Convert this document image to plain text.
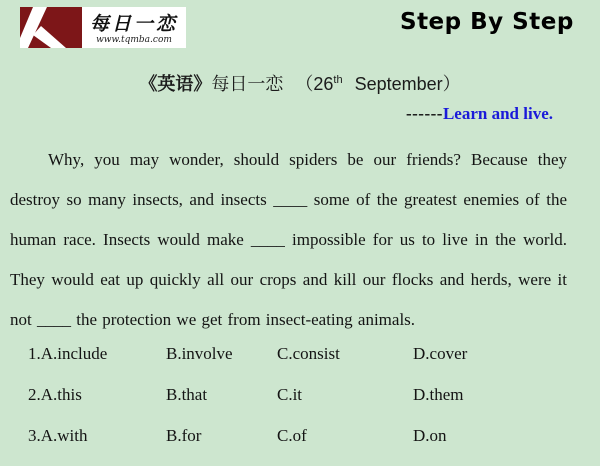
每日一恋
www.tqmba.com
Step By Step
《英语》每日一恋 （26th September）
------Learn and live.
Why, you may wonder, should spiders be our friends? Because they destroy so many insects, and insects ____ some of the greatest enemies of the human race. Insects would make ____ impossible for us to live in the world. They would eat up quickly all our crops and kill our flocks and herds, were it not ____ the protection we get from insect-eating animals.
1.A.include	B.involve	C.consist	D.cover
2.A.this	B.that	C.it	D.them
3.A.with	B.for	C.of	D.on
